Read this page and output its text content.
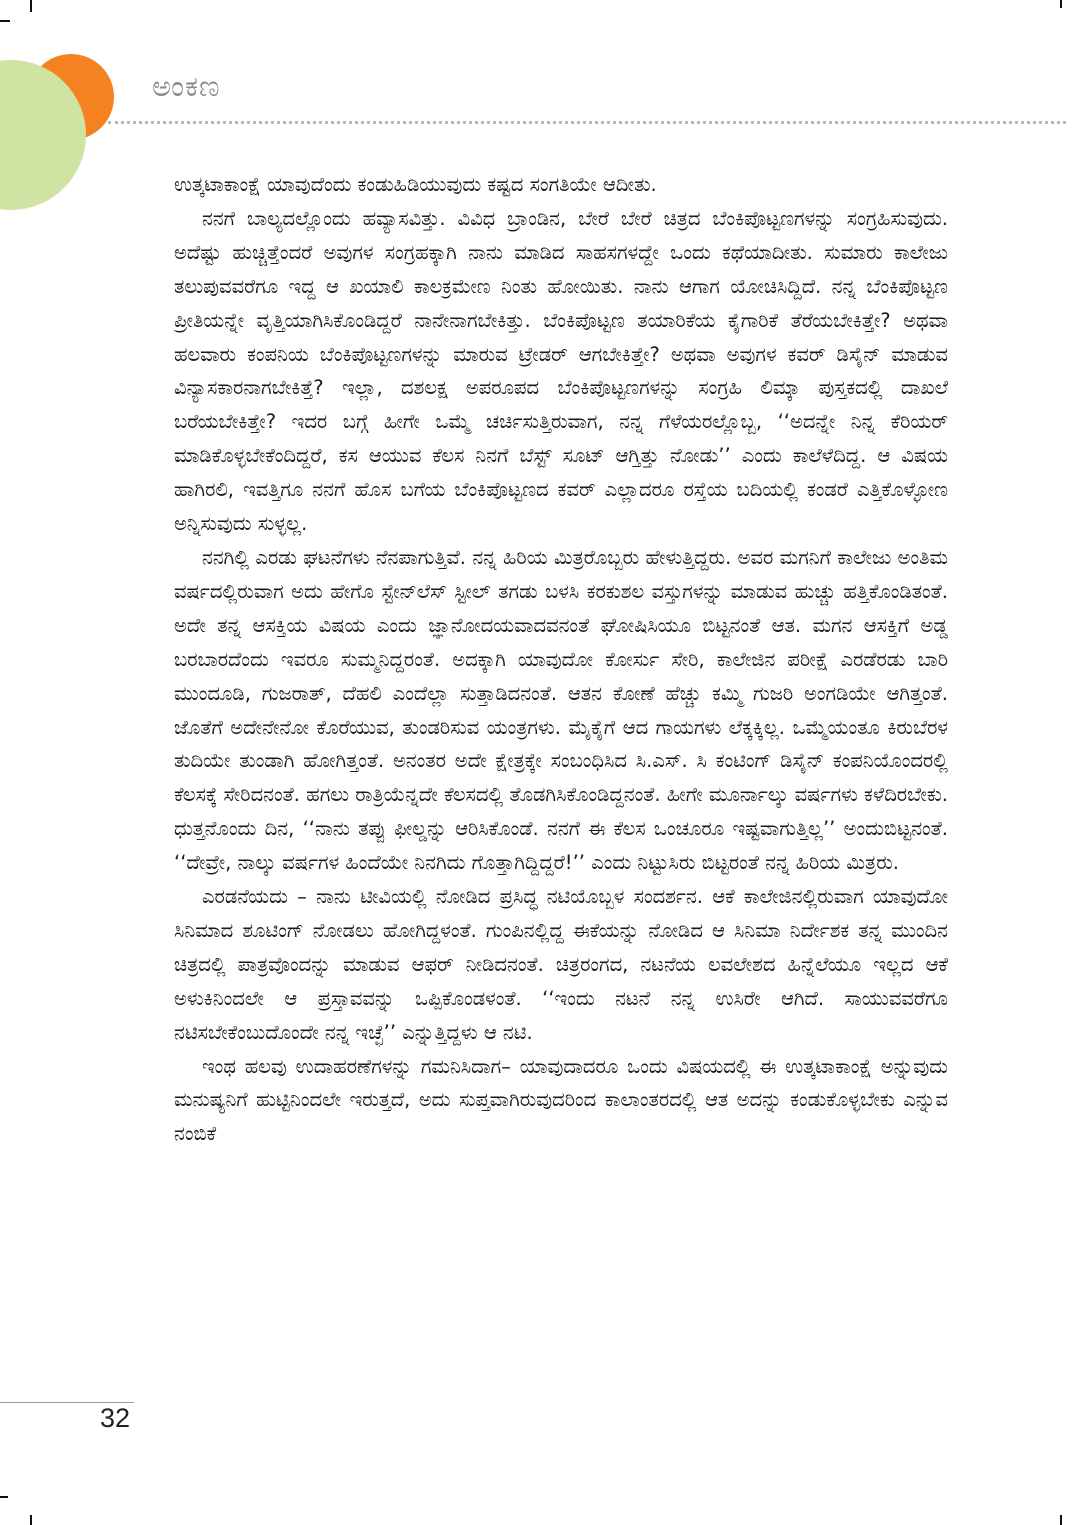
ಅಂಕಣ

ಉತ್ಕಟಾಕಾಂಕ್ಷೆ ಯಾವುದೆಂದು ಕಂಡುಹಿಡಿಯುವುದು ಕಷ್ಟದ ಸಂಗತಿಯೇ ಆದೀತು.

ನನಗೆ ಬಾಲ್ಯದಲ್ಲೊಂದು ಹವ್ಯಾಸವಿತ್ತು. ವಿವಿಧ ಬ್ರಾಂಡಿನ, ಬೇರೆ ಬೇರೆ ಚಿತ್ರದ ಬೆಂಕಿಪೊಟ್ಟಣಗಳನ್ನು ಸಂಗ್ರಹಿಸುವುದು. ಅದೆಷ್ಟು ಹುಚ್ಚಿತ್ತೆಂದರೆ ಅವುಗಳ ಸಂಗ್ರಹಕ್ಕಾಗಿ ನಾನು ಮಾಡಿದ ಸಾಹಸಗಳದ್ದೇ ಒಂದು ಕಥೆಯಾದೀತು. ಸುಮಾರು ಕಾಲೇಜು ತಲುಪುವವರೆಗೂ ಇದ್ದ ಆ ಖಯಾಲಿ ಕಾಲಕ್ರಮೇಣ ನಿಂತು ಹೋಯಿತು. ನಾನು ಆಗಾಗ ಯೋಚಿಸಿದ್ದಿದೆ. ನನ್ನ ಬೆಂಕಿಪೊಟ್ಟಣ ಪ್ರೀತಿಯನ್ನೇ ವೃತ್ತಿಯಾಗಿಸಿಕೊಂಡಿದ್ದರೆ ನಾನೇನಾಗಬೇಕಿತ್ತು. ಬೆಂಕಿಪೊಟ್ಟಣ ತಯಾರಿಕೆಯ ಕೈಗಾರಿಕೆ ತೆರೆಯಬೇಕಿತ್ತೇ? ಅಥವಾ ಹಲವಾರು ಕಂಪನಿಯ ಬೆಂಕಿಪೊಟ್ಟಣಗಳನ್ನು ಮಾರುವ ಟ್ರೇಡರ್ ಆಗಬೇಕಿತ್ತೇ? ಅಥವಾ ಅವುಗಳ ಕವರ್ ಡಿಸೈನ್ ಮಾಡುವ ವಿನ್ಯಾಸಕಾರನಾಗಬೇಕಿತ್ತೆ? ಇಲ್ಲಾ, ದಶಲಕ್ಷ ಅಪರೂಪದ ಬೆಂಕಿಪೊಟ್ಟಣಗಳನ್ನು ಸಂಗ್ರಹಿ ಲಿಮ್ಕಾ ಪುಸ್ತಕದಲ್ಲಿ ದಾಖಲೆ ಬರೆಯಬೇಕಿತ್ತೇ? ಇದರ ಬಗ್ಗೆ ಹೀಗೇ ಒಮ್ಮೆ ಚರ್ಚಿಸುತ್ತಿರುವಾಗ, ನನ್ನ ಗೆಳೆಯರಲ್ಲೊಬ್ಬ, ‘‘ಅದನ್ನೇ ನಿನ್ನ ಕೆರಿಯರ್ ಮಾಡಿಕೊಳ್ಳಬೇಕೆಂದಿದ್ದರೆ, ಕಸ ಆಯುವ ಕೆಲಸ ನಿನಗೆ ಬೆಸ್ಟ್ ಸೂಟ್ ಆಗ್ತಿತ್ತು ನೋಡು’’ ಎಂದು ಕಾಲೆಳೆದಿದ್ದ. ಆ ವಿಷಯ ಹಾಗಿರಲಿ, ಇವತ್ತಿಗೂ ನನಗೆ ಹೊಸ ಬಗೆಯ ಬೆಂಕಿಪೊಟ್ಟಣದ ಕವರ್ ಎಲ್ಲಾದರೂ ರಸ್ತೆಯ ಬದಿಯಲ್ಲಿ ಕಂಡರೆ ಎತ್ತಿಕೊಳ್ಳೋಣ ಅನ್ನಿಸುವುದು ಸುಳ್ಳಲ್ಲ.

ನನಗಿಲ್ಲಿ ಎರಡು ಘಟನೆಗಳು ನೆನಪಾಗುತ್ತಿವೆ. ನನ್ನ ಹಿರಿಯ ಮಿತ್ರರೊಬ್ಬರು ಹೇಳುತ್ತಿದ್ದರು. ಅವರ ಮಗನಿಗೆ ಕಾಲೇಜು ಅಂತಿಮ ವರ್ಷದಲ್ಲಿರುವಾಗ ಅದು ಹೇಗೊ ಸ್ಟೇನ್‌ಲೆಸ್ ಸ್ಟೀಲ್ ತಗಡು ಬಳಸಿ ಕರಕುಶಲ ವಸ್ತುಗಳನ್ನು ಮಾಡುವ ಹುಚ್ಚು ಹತ್ತಿಕೊಂಡಿತಂತೆ. ಅದೇ ತನ್ನ ಆಸಕ್ತಿಯ ವಿಷಯ ಎಂದು ಜ್ಞಾನೋದಯವಾದವನಂತೆ ಘೋಷಿಸಿಯೂ ಬಿಟ್ಟನಂತೆ ಆತ. ಮಗನ ಆಸಕ್ತಿಗೆ ಅಡ್ಡ ಬರಬಾರದೆಂದು ಇವರೂ ಸುಮ್ಮನಿದ್ದರಂತೆ. ಅದಕ್ಕಾಗಿ ಯಾವುದೋ ಕೋರ್ಸು ಸೇರಿ, ಕಾಲೇಜಿನ ಪರೀಕ್ಷೆ ಎರಡೆರಡು ಬಾರಿ ಮುಂದೂಡಿ, ಗುಜರಾತ್, ದೆಹಲಿ ಎಂದೆಲ್ಲಾ ಸುತ್ತಾಡಿದನಂತೆ. ಆತನ ಕೋಣೆ ಹೆಚ್ಚು ಕಮ್ಮಿ ಗುಜರಿ ಅಂಗಡಿಯೇ ಆಗಿತ್ತಂತೆ. ಜೊತೆಗೆ ಅದೇನೇನೋ ಕೊರೆಯುವ, ತುಂಡರಿಸುವ ಯಂತ್ರಗಳು. ಮೈಕೈಗೆ ಆದ ಗಾಯಗಳು ಲೆಕ್ಕಕ್ಕಿಲ್ಲ. ಒಮ್ಮೆಯಂತೂ ಕಿರುಬೆರಳ ತುದಿಯೇ ತುಂಡಾಗಿ ಹೋಗಿತ್ತಂತೆ. ಅನಂತರ ಅದೇ ಕ್ಷೇತ್ರಕ್ಕೇ ಸಂಬಂಧಿಸಿದ ಸಿ.ಎಸ್. ಸಿ ಕಂಟಿಂಗ್ ಡಿಸೈನ್ ಕಂಪನಿಯೊಂದರಲ್ಲಿ ಕೆಲಸಕ್ಕೆ ಸೇರಿದನಂತೆ. ಹಗಲು ರಾತ್ರಿಯೆನ್ನದೇ ಕೆಲಸದಲ್ಲಿ ತೊಡಗಿಸಿಕೊಂಡಿದ್ದನಂತೆ. ಹೀಗೇ ಮೂರ್ನಾಲ್ಕು ವರ್ಷಗಳು ಕಳೆದಿರಬೇಕು. ಧುತ್ತನೊಂದು ದಿನ, ‘‘ನಾನು ತಪ್ಪು ಫೀಲ್ಡನ್ನು ಆರಿಸಿಕೊಂಡೆ. ನನಗೆ ಈ ಕೆಲಸ ಒಂಚೂರೂ ಇಷ್ಟವಾಗುತ್ತಿಲ್ಲ’’ ಅಂದುಬಿಟ್ಟನಂತೆ. ‘‘ದೇವ್ರೇ, ನಾಲ್ಕು ವರ್ಷಗಳ ಹಿಂದೆಯೇ ನಿನಗಿದು ಗೊತ್ತಾಗಿದ್ದಿದ್ದರೆ!’’ ಎಂದು ನಿಟ್ಟುಸಿರು ಬಿಟ್ಟರಂತೆ ನನ್ನ ಹಿರಿಯ ಮಿತ್ರರು.

ಎರಡನೆಯದು – ನಾನು ಟೀವಿಯಲ್ಲಿ ನೋಡಿದ ಪ್ರಸಿದ್ಧ ನಟಿಯೊಬ್ಬಳ ಸಂದರ್ಶನ. ಆಕೆ ಕಾಲೇಜಿನಲ್ಲಿರುವಾಗ ಯಾವುದೋ ಸಿನಿಮಾದ ಶೂಟಿಂಗ್ ನೋಡಲು ಹೋಗಿದ್ದಳಂತೆ. ಗುಂಪಿನಲ್ಲಿದ್ದ ಈಕೆಯನ್ನು ನೋಡಿದ ಆ ಸಿನಿಮಾ ನಿರ್ದೇಶಕ ತನ್ನ ಮುಂದಿನ ಚಿತ್ರದಲ್ಲಿ ಪಾತ್ರವೊಂದನ್ನು ಮಾಡುವ ಆಫರ್ ನೀಡಿದನಂತೆ. ಚಿತ್ರರಂಗದ, ನಟನೆಯ ಲವಲೇಶದ ಹಿನ್ನೆಲೆಯೂ ಇಲ್ಲದ ಆಕೆ ಅಳುಕಿನಿಂದಲೇ ಆ ಪ್ರಸ್ತಾವವನ್ನು ಒಪ್ಪಿಕೊಂಡಳಂತೆ. ‘‘ಇಂದು ನಟನೆ ನನ್ನ ಉಸಿರೇ ಆಗಿದೆ. ಸಾಯುವವರೆಗೂ ನಟಿಸಬೇಕೆಂಬುದೊಂದೇ ನನ್ನ ಇಚ್ಛೆ’’ ಎನ್ನುತ್ತಿದ್ದಳು ಆ ನಟಿ.

ಇಂಥ ಹಲವು ಉದಾಹರಣೆಗಳನ್ನು ಗಮನಿಸಿದಾಗ– ಯಾವುದಾದರೂ ಒಂದು ವಿಷಯದಲ್ಲಿ ಈ ಉತ್ಕಟಾಕಾಂಕ್ಷೆ ಅನ್ನುವುದು ಮನುಷ್ಯನಿಗೆ ಹುಟ್ಟಿನಿಂದಲೇ ಇರುತ್ತದೆ, ಅದು ಸುಪ್ತವಾಗಿರುವುದರಿಂದ ಕಾಲಾಂತರದಲ್ಲಿ ಆತ ಅದನ್ನು ಕಂಡುಕೊಳ್ಳಬೇಕು ಎನ್ನುವ ನಂಬಿಕೆ

32
